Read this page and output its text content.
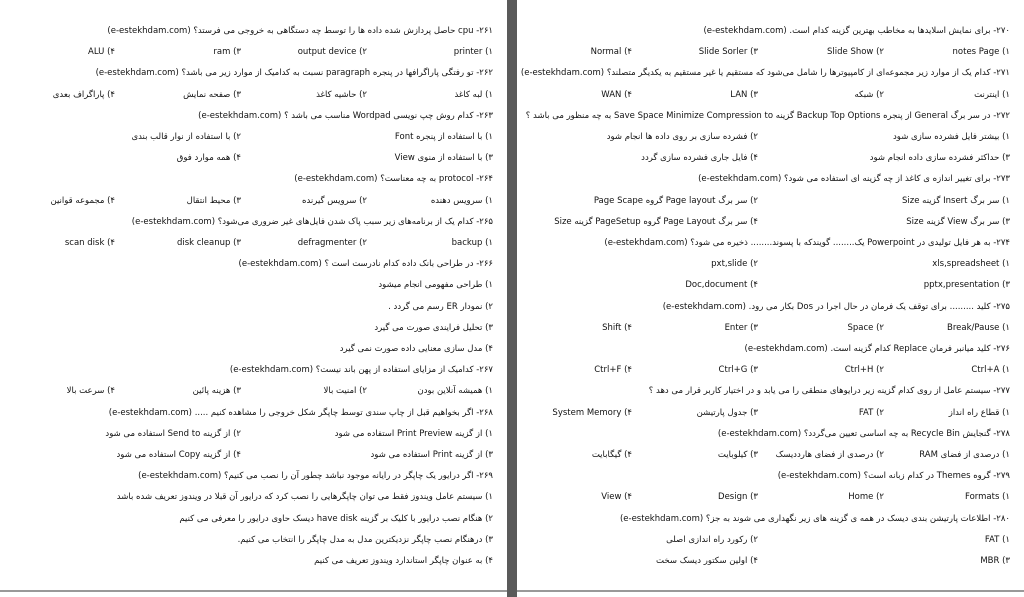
۲۶۱- cpu حاصل پردازش شده داده ها را توسط چه دستگاهی به خروجی می فرستد؟ (e-estekhdam.com)
۱) printer
۲) output device
۳) ram
۴) ALU
۲۶۲- تو رفتگی پاراگرافها در پنجره paragraph نسبت به کدامیک از موارد زیر می باشد؟ (e-estekhdam.com)
۱) لبه کاغذ
۲) حاشیه کاغذ
۳) صفحه نمایش
۴) پاراگراف بعدی
۲۶۳- کدام روش چپ نویسی Wordpad مناسب می باشد ؟ (e-estekhdam.com)
۱) با استفاده از پنجره Font
۲) با استفاده از نوار قالب بندی
۳) با استفاده از منوی View
۴) همه موارد فوق
۲۶۴- protocol به چه معناست؟ (e-estekhdam.com)
۱) سرویس دهنده
۲) سرویس گیرنده
۳) محیط انتقال
۴) مجموعه قوانین
۲۶۵- کدام یک از برنامه‌های زیر سبب پاک شدن فایل‌های غیر ضروری می‌شود؟ (e-estekhdam.com)
۱) backup
۲) defragmenter
۳) disk cleanup
۴) scan disk
۲۶۶- در طراحی بانک داده کدام نادرست است ؟ (e-estekhdam.com)
۱) طراحی مفهومی انجام میشود
۲) نمودار ER رسم می گردد .
۳) تحلیل فرایندی صورت می گیرد
۴) مدل سازی معنایی داده صورت نمی گیرد
۲۶۷- کدامیک از مزایای استفاده از پهن باند نیست؟ (e-estekhdam.com)
۱) همیشه آنلاین بودن
۲) امنیت بالا
۳) هزینه پائین
۴) سرعت بالا
۲۶۸- اگر بخواهیم قبل از چاپ سندی توسط چاپگر شکل خروجی را مشاهده کنیم ..... (e-estekhdam.com)
۱) از گزینه Print Preview استفاده می شود
۲) از گزینه Send to استفاده می شود
۳) از گزینه Print استفاده می شود
۴) از گزینه Copy استفاده می شود
۲۶۹- اگر درایور یک چاپگر در رایانه موجود نباشد چطور آن را نصب می کنیم؟ (e-estekhdam.com)
۱) سیستم عامل ویندوز فقط می توان چاپگرهایی را نصب کرد که درایور آن قبلا در ویندوز تعریف شده باشد
۲) هنگام نصب درایور با کلیک بر گزینه have disk دیسک حاوی درایور را معرفی می کنیم
۳) درهنگام نصب چاپگر نزدیکترین مدل به مدل چاپگر را انتخاب می کنیم.
۴) به عنوان چاپگر استاندارد ویندوز تعریف می کنیم
۲۷۰- برای نمایش اسلایدها به مخاطب بهترین گزینه کدام است. (e-estekhdam.com)
۱) notes Page
۲) Slide Show
۳) Slide Sorler
۴) Normal
۲۷۱- کدام یک از موارد زیر مجموعه‌ای از کامپیوترها را شامل می‌شود که مستقیم یا غیر مستقیم به یکدیگر متصلند؟ (e-estekhdam.com)
۱) اینترنت
۲) شبکه
۳) LAN
۴) WAN
۲۷۲- در سر برگ General از پنجره Backup Top Options گزینه Save Space Minimize Compression to به چه منظور می باشد ؟
۱) بیشتر فایل فشرده سازی شود
۲) فشرده سازی بر روی داده ها انجام شود
۳) حداکثر فشرده سازی داده انجام شود
۴) فایل جاری فشرده سازی گردد
۲۷۳- برای تغییر اندازه ی کاغذ از چه گزینه ای استفاده می شود؟ (e-estekhdam.com)
۱) سر برگ Insert گزینه Size
۲) سر برگ Page layout گروه Page Scape
۳) سر برگ View گزینه Size
۴) سر برگ Page Layout گروه PageSetup گزینه Size
۲۷۴- به هر فایل تولیدی در Powerpoint یک........ گویندکه با پسوند........ ذخیره می شود؟ (e-estekhdam.com)
۱) xls,spreadsheet
۲) pxt,slide
۳) pptx,presentation
۴) Doc,document
۲۷۵- کلید ......... برای توقف یک فرمان در حال اجرا در Dos بکار می رود. (e-estekhdam.com)
۱) Break/Pause
۲) Space
۳) Enter
۴) Shift
۲۷۶- کلید میانبر فرمان Replace کدام گزینه است. (e-estekhdam.com)
۱) Ctrl+A
۲) Ctrl+H
۳) Ctrl+G
۴) Ctrl+F
۲۷۷- سیستم عامل از روی کدام گزینه زیر درایوهای منطقی را می یابد و در اختیار کاربر قرار می دهد ؟
۱) قطاع راه انداز
۲) FAT
۳) جدول پارتیشن
۴) System Memory
۲۷۸- گنجایش Recycle Bin به چه اساسی تعیین می‌گردد؟ (e-estekhdam.com)
۱) درصدی از فضای RAM
۲) درصدی از فضای هارددیسک
۳) کیلوبایت
۴) گیگابایت
۲۷۹- گروه Themes در کدام زبانه است؟ (e-estekhdam.com)
۱) Formats
۲) Home
۳) Design
۴) View
۲۸۰- اطلاعات پارتیشن بندی دیسک در همه ی گزینه های زیر نگهداری می شوند به جز؟ (e-estekhdam.com)
۱) FAT
۲) رکورد راه اندازی اصلی
۳) MBR
۴) اولین سکتور دیسک سخت
